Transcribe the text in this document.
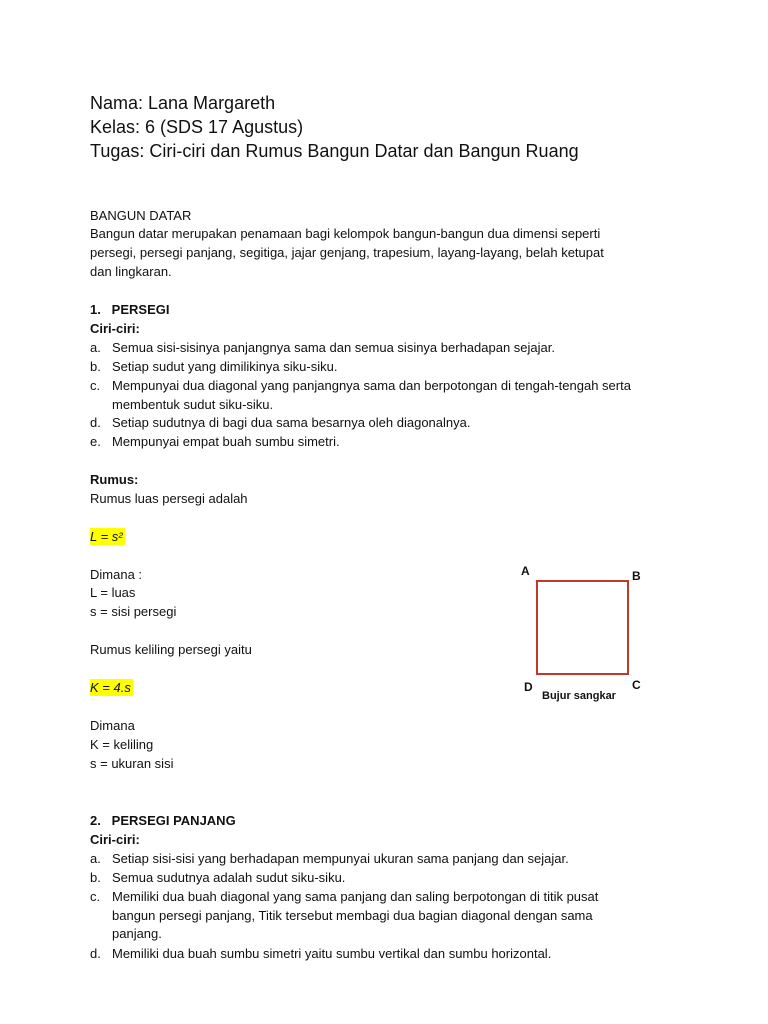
Nama: Lana Margareth

Kelas: 6 (SDS 17 Agustus)

Tugas: Ciri-ciri dan Rumus Bangun Datar dan Bangun Ruang

BANGUN DATAR

Bangun datar merupakan penamaan bagi kelompok bangun-bangun dua dimensi seperti

persegi, persegi panjang, segitiga, jajar genjang, trapesium, layang-layang, belah ketupat

dan lingkaran.

1.   PERSEGI

Ciri-ciri:

a. Semua sisi-sisinya panjangnya sama dan semua sisinya berhadapan sejajar.
b. Setiap sudut yang dimilikinya siku-siku.
c. Mempunyai dua diagonal yang panjangnya sama dan berpotongan di tengah-tengah serta
membentuk sudut siku-siku.
d. Setiap sudutnya di bagi dua sama besarnya oleh diagonalnya.
e. Mempunyai empat buah sumbu simetri.

Rumus:

Rumus luas persegi adalah

L = s²

Dimana :

L = luas

s = sisi persegi

Rumus keliling persegi yaitu

K = 4.s

Dimana

K = keliling

s = ukuran sisi

2.   PERSEGI PANJANG

Ciri-ciri:

a. Setiap sisi-sisi yang berhadapan mempunyai ukuran sama panjang dan sejajar.
b. Semua sudutnya adalah sudut siku-siku.
c. Memiliki dua buah diagonal yang sama panjang dan saling berpotongan di titik pusat
bangun persegi panjang, Titik tersebut membagi dua bagian diagonal dengan sama
panjang.
d. Memiliki dua buah sumbu simetri yaitu sumbu vertikal dan sumbu horizontal.
A	B
C
D
Bujur sangkar
